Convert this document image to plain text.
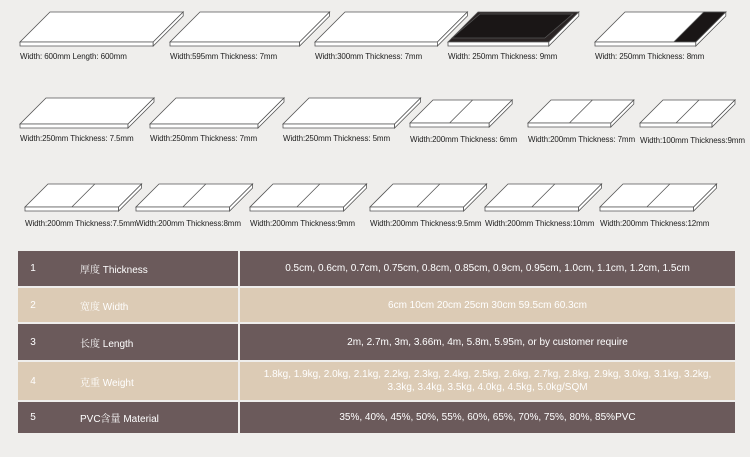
Width: 600mm Length: 600mm	Width:595mm Thickness: 7mm	Width:300mm Thickness: 7mm	Width: 250mm Thickness: 9mm	Width: 250mm Thickness: 8mm
Width:250mm Thickness: 7.5mm Width:250mm Thickness: 7mm	Width:250mm Thickness: 5mm Width:200mm Thickness: 6mm Width:200mm Thickness: 7mm Width:100mm Thickness:9mm
Width:200mm Thickness:7.5mm Width:200mm Thickness:8mm Width:200mm Thickness:9mm Width:200mm Thickness:9.5mm Width:200mm Thickness:10mm Width:200mm Thickness:12mm
1	厚度 Thickness	0.5cm, 0.6cm, 0.7cm, 0.75cm, 0.8cm, 0.85cm, 0.9cm, 0.95cm, 1.0cm, 1.1cm, 1.2cm, 1.5cm
2	宽度 Width	6cm 10cm 20cm 25cm 30cm 59.5cm 60.3cm
3	长度 Length	2m, 2.7m, 3m, 3.66m, 4m, 5.8m, 5.95m, or by customer require
4	克重 Weight	1.8kg, 1.9kg, 2.0kg, 2.1kg, 2.2kg, 2.3kg, 2.4kg, 2.5kg, 2.6kg, 2.7kg, 2.8kg, 2.9kg, 3.0kg, 3.1kg, 3.2kg, 3.3kg, 3.4kg, 3.5kg, 4.0kg, 4.5kg, 5.0kg/SQM
5	PVC含量 Material	35%, 40%, 45%, 50%, 55%, 60%, 65%, 70%, 75%, 80%, 85%PVC
